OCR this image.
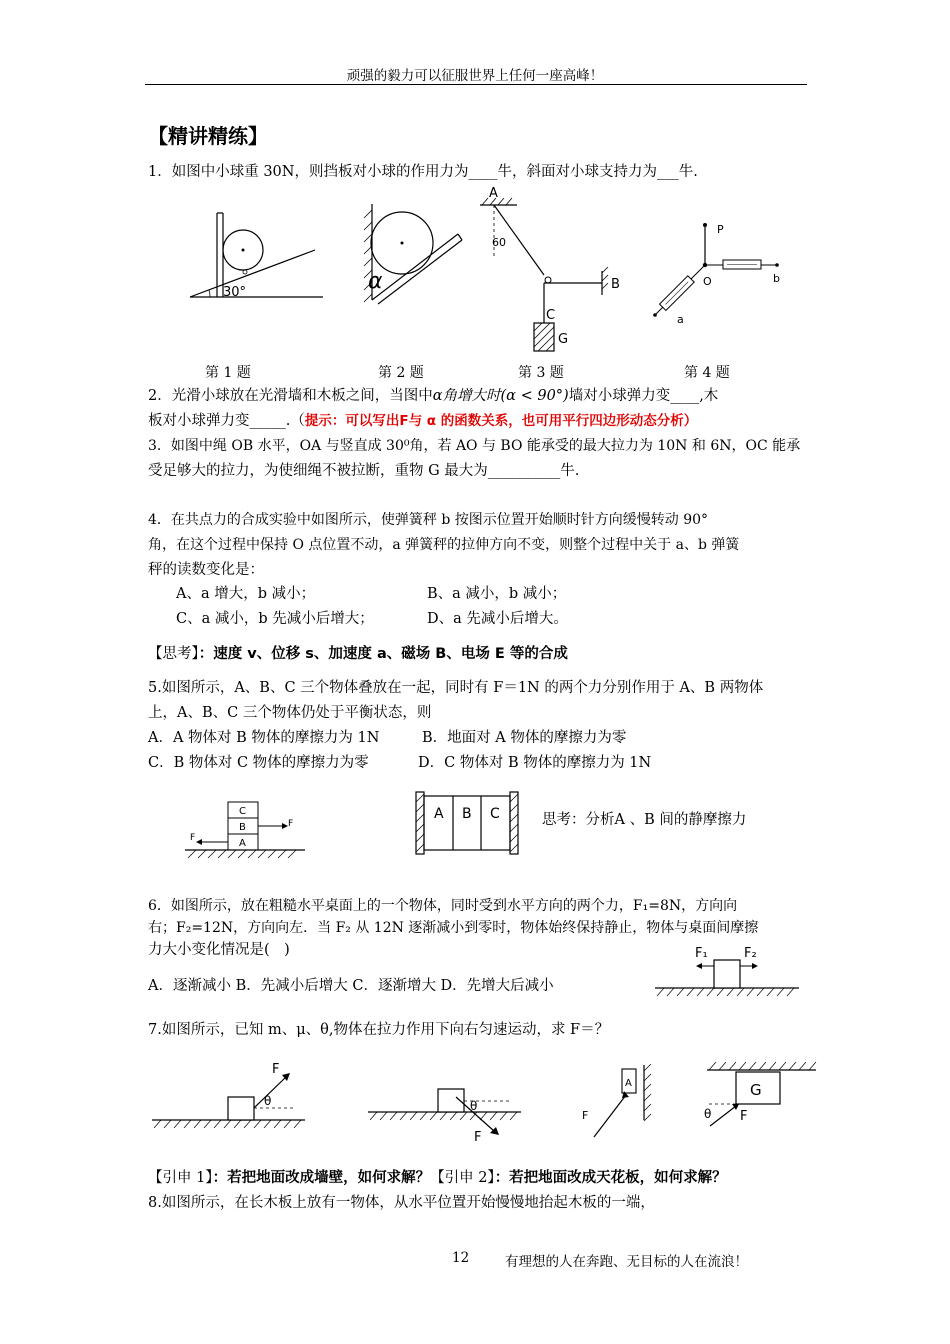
顽强的毅力可以征服世界上任何一座高峰！
【精讲精练】
1．如图中小球重 30N，则挡板对小球的作用力为____牛，斜面对小球支持力为___牛.
30°	α
A
60
B
C
G
P
O	b
a
第 1 题	第 2 题	第 3 题	第 4 题
2．光滑小球放在光滑墙和木板之间，当图中α角增大时(α < 90°)墙对小球弹力变____,木
板对小球弹力变_____.（提示：可以写出F与 α 的函数关系，也可用平行四边形动态分析）
3．如图中绳 OB 水平，OA 与竖直成 30⁰角，若 AO 与 BO 能承受的最大拉力为 10N 和 6N，OC 能承
受足够大的拉力，为使细绳不被拉断，重物 G 最大为__________牛.
4．在共点力的合成实验中如图所示，使弹簧秤 b 按图示位置开始顺时针方向缓慢转动 90°
角，在这个过程中保持 O 点位置不动，a 弹簧秤的拉伸方向不变，则整个过程中关于 a、b 弹簧
秤的读数变化是：
A、a 增大，b 减小；	B、a 减小，b 减小；
C、a 减小，b 先减小后增大；	D、a 先减小后增大。
【思考】：速度 v、位移 s、加速度 a、磁场 B、电场 E 等的合成
5.如图所示，A、B、C 三个物体叠放在一起，同时有 F＝1N 的两个力分别作用于 A、B 两物体
上，A、B、C 三个物体仍处于平衡状态，则
A．A 物体对 B 物体的摩擦力为 1N	B．地面对 A 物体的摩擦力为零
C．B 物体对 C 物体的摩擦力为零	D．C 物体对 B 物体的摩擦力为 1N
C
B
A
F
F
A B C	思考：分析A 、B 间的静摩擦力
6．如图所示，放在粗糙水平桌面上的一个物体，同时受到水平方向的两个力，F₁=8N，方向向
右；F₂=12N，方向向左．当 F₂ 从 12N 逐渐减小到零时，物体始终保持静止，物体与桌面间摩擦
力大小变化情况是(　)
A．逐渐减小 B．先减小后增大 C．逐渐增大 D．先增大后减小
F₁	F₂
7.如图所示，已知 m、μ、θ,物体在拉力作用下向右匀速运动，求 F＝？
F
θ	θ
F
A
F
G
θ F
【引申 1】：若把地面改成墙壁，如何求解？【引申 2】：若把地面改成天花板，如何求解？
8.如图所示，在长木板上放有一物体，从水平位置开始慢慢地抬起木板的一端，
12	有理想的人在奔跑、无目标的人在流浪！
